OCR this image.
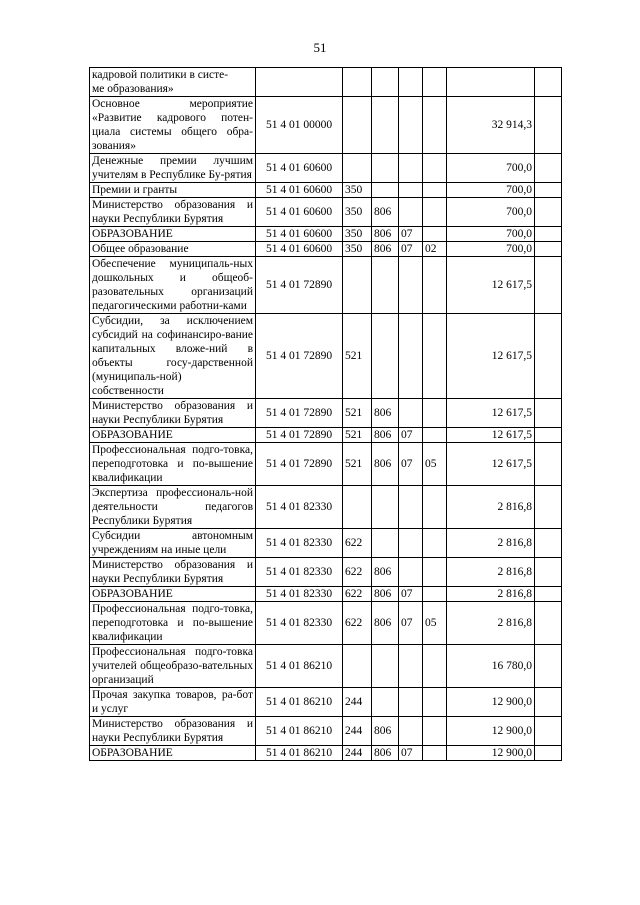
51
кадровой политики в систе-
ме образования»							
Основное мероприятие «Развитие кадрового потен-циала системы общего обра-зования»	51 4 01 00000					32 914,3	
Денежные премии лучшим учителям в Республике Бу-рятия	51 4 01 60600					700,0	
Премии и гранты	51 4 01 60600	350				700,0	
Министерство образования и науки Республики Бурятия	51 4 01 60600	350	806			700,0	
ОБРАЗОВАНИЕ	51 4 01 60600	350	806	07		700,0	
Общее образование	51 4 01 60600	350	806	07	02	700,0	
Обеспечение муниципаль-ных дошкольных и общеоб-разовательных организаций педагогическими работни-ками	51 4 01 72890					12 617,5	
Субсидии, за исключением субсидий на софинансиро-вание капитальных вложе-ний в объекты госу-дарственной (муниципаль-ной) собственности	51 4 01 72890	521				12 617,5	
Министерство образования и науки Республики Бурятия	51 4 01 72890	521	806			12 617,5	
ОБРАЗОВАНИЕ	51 4 01 72890	521	806	07		12 617,5	
Профессиональная подго-товка, переподготовка и по-вышение квалификации	51 4 01 72890	521	806	07	05	12 617,5	
Экспертиза профессиональ-ной деятельности педагогов Республики Бурятия	51 4 01 82330					2 816,8	
Субсидии автономным учреждениям на иные цели	51 4 01 82330	622				2 816,8	
Министерство образования и науки Республики Бурятия	51 4 01 82330	622	806			2 816,8	
ОБРАЗОВАНИЕ	51 4 01 82330	622	806	07		2 816,8	
Профессиональная подго-товка, переподготовка и по-вышение квалификации	51 4 01 82330	622	806	07	05	2 816,8	
Профессиональная подго-товка учителей общеобразо-вательных организаций	51 4 01 86210					16 780,0	
Прочая закупка товаров, ра-бот и услуг	51 4 01 86210	244				12 900,0	
Министерство образования и науки Республики Бурятия	51 4 01 86210	244	806			12 900,0	
ОБРАЗОВАНИЕ	51 4 01 86210	244	806	07		12 900,0	
